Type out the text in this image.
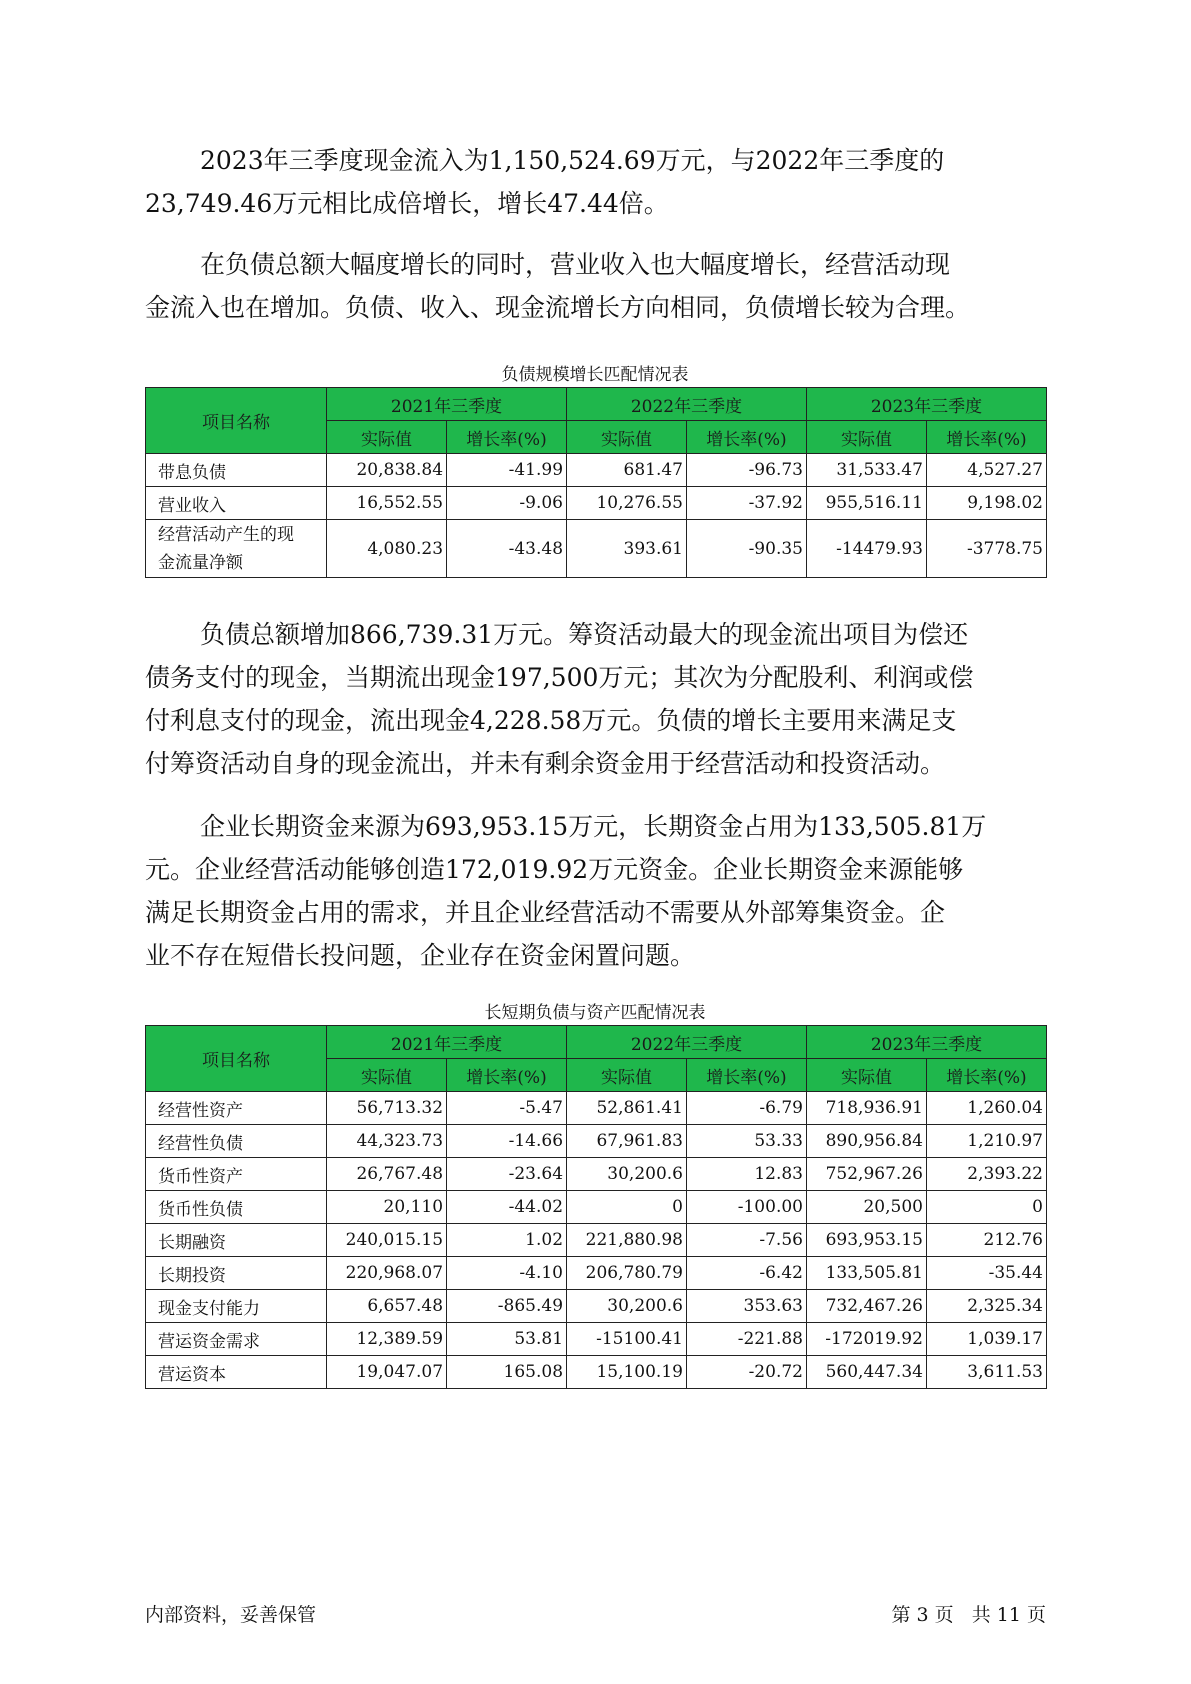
2023年三季度现金流入为1,150,524.69万元，与2022年三季度的
23,749.46万元相比成倍增长，增长47.44倍。
在负债总额大幅度增长的同时，营业收入也大幅度增长，经营活动现
金流入也在增加。负债、收入、现金流增长方向相同，负债增长较为合理。
负债规模增长匹配情况表
项目名称	2021年三季度		2022年三季度		2023年三季度	
	实际值	增长率(%)	实际值	增长率(%)	实际值	增长率(%)
带息负债	20,838.84	-41.99	681.47	-96.73	31,533.47	4,527.27
营业收入	16,552.55	-9.06	10,276.55	-37.92	955,516.11	9,198.02
经营活动产生的现
金流量净额	4,080.23	-43.48	393.61	-90.35	-14479.93	-3778.75
负债总额增加866,739.31万元。筹资活动最大的现金流出项目为偿还
债务支付的现金，当期流出现金197,500万元；其次为分配股利、利润或偿
付利息支付的现金，流出现金4,228.58万元。负债的增长主要用来满足支
付筹资活动自身的现金流出，并未有剩余资金用于经营活动和投资活动。
企业长期资金来源为693,953.15万元，长期资金占用为133,505.81万
元。企业经营活动能够创造172,019.92万元资金。企业长期资金来源能够
满足长期资金占用的需求，并且企业经营活动不需要从外部筹集资金。企
业不存在短借长投问题，企业存在资金闲置问题。
长短期负债与资产匹配情况表
项目名称	2021年三季度		2022年三季度		2023年三季度	
	实际值	增长率(%)	实际值	增长率(%)	实际值	增长率(%)
经营性资产	56,713.32	-5.47	52,861.41	-6.79	718,936.91	1,260.04
经营性负债	44,323.73	-14.66	67,961.83	53.33	890,956.84	1,210.97
货币性资产	26,767.48	-23.64	30,200.6	12.83	752,967.26	2,393.22
货币性负债	20,110	-44.02	0	-100.00	20,500	0
长期融资	240,015.15	1.02	221,880.98	-7.56	693,953.15	212.76
长期投资	220,968.07	-4.10	206,780.79	-6.42	133,505.81	-35.44
现金支付能力	6,657.48	-865.49	30,200.6	353.63	732,467.26	2,325.34
营运资金需求	12,389.59	53.81	-15100.41	-221.88	-172019.92	1,039.17
营运资本	19,047.07	165.08	15,100.19	-20.72	560,447.34	3,611.53
内部资料，妥善保管	第 3 页   共 11 页
